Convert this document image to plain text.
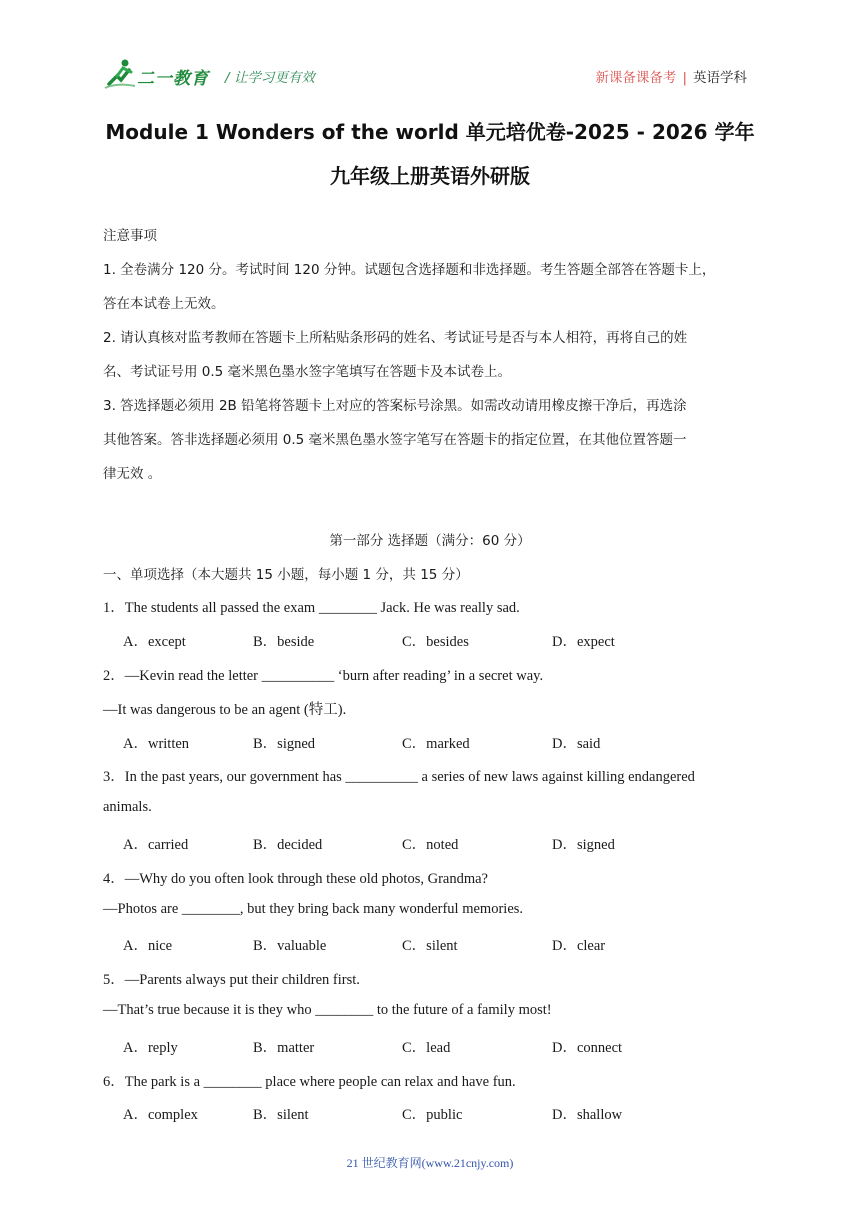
二一教育 / 让学习更有效	新课备课备考 | 英语学科
Module 1 Wonders of the world 单元培优卷-2025 - 2026 学年
九年级上册英语外研版
注意事项
1. 全卷满分 120 分。考试时间 120 分钟。试题包含选择题和非选择题。考生答题全部答在答题卡上，
答在本试卷上无效。
2. 请认真核对监考教师在答题卡上所粘贴条形码的姓名、考试证号是否与本人相符，再将自己的姓
名、考试证号用 0.5 毫米黑色墨水签字笔填写在答题卡及本试卷上。
3. 答选择题必须用 2B 铅笔将答题卡上对应的答案标号涂黑。如需改动请用橡皮擦干净后，再选涂
其他答案。答非选择题必须用 0.5 毫米黑色墨水签字笔写在答题卡的指定位置，在其他位置答题一
律无效 。
第一部分 选择题（满分：60 分）
一、单项选择（本大题共 15 小题，每小题 1 分，共 15 分）
1．The students all passed the exam ________ Jack. He was really sad.
A．except	B．beside	C．besides	D．expect
2．—Kevin read the letter __________ ‘burn after reading’ in a secret way.
—It was dangerous to be an agent (特工).
A．written	B．signed	C．marked	D．said
3．In the past years, our government has __________ a series of new laws against killing endangered
animals.
A．carried	B．decided	C．noted	D．signed
4．—Why do you often look through these old photos, Grandma?
—Photos are ________, but they bring back many wonderful memories.
A．nice	B．valuable	C．silent	D．clear
5．—Parents always put their children first.
—That’s true because it is they who ________ to the future of a family most!
A．reply	B．matter	C．lead	D．connect
6．The park is a ________ place where people can relax and have fun.
A．complex	B．silent	C．public	D．shallow
21 世纪教育网(www.21cnjy.com)
